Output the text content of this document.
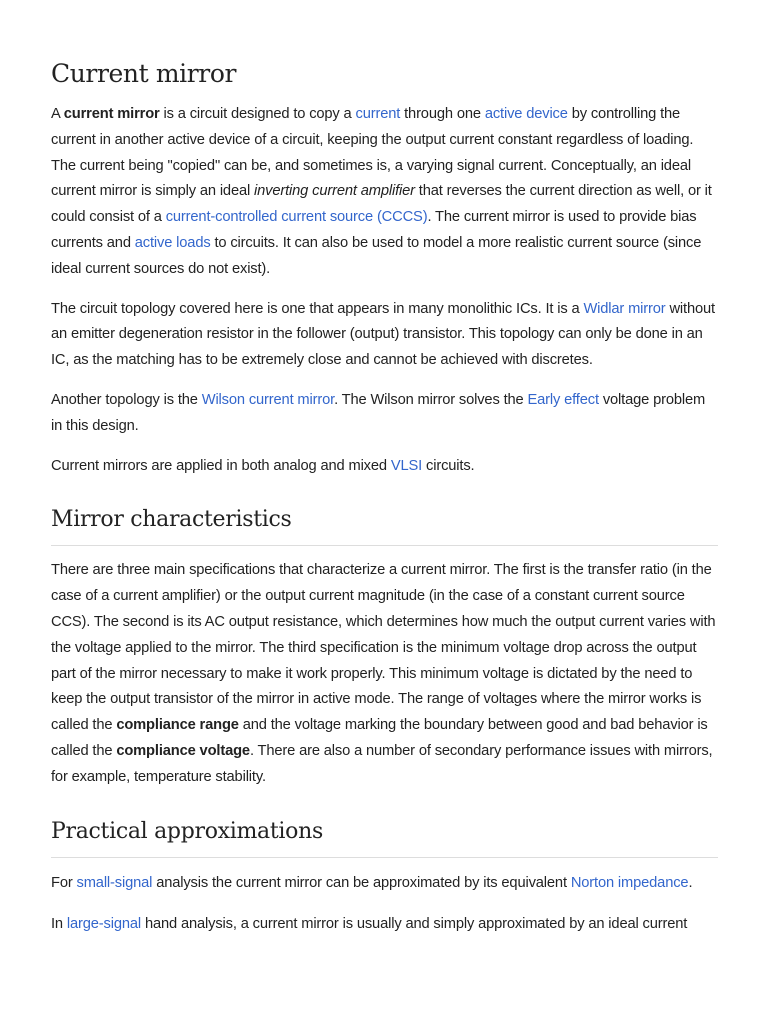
Current mirror

A current mirror is a circuit designed to copy a current through one active device by controlling the current in another active device of a circuit, keeping the output current constant regardless of loading. The current being "copied" can be, and sometimes is, a varying signal current. Conceptually, an ideal current mirror is simply an ideal inverting current amplifier that reverses the current direction as well, or it could consist of a current-controlled current source (CCCS). The current mirror is used to provide bias currents and active loads to circuits. It can also be used to model a more realistic current source (since ideal current sources do not exist).

The circuit topology covered here is one that appears in many monolithic ICs. It is a Widlar mirror without an emitter degeneration resistor in the follower (output) transistor. This topology can only be done in an IC, as the matching has to be extremely close and cannot be achieved with discretes.

Another topology is the Wilson current mirror. The Wilson mirror solves the Early effect voltage problem in this design.

Current mirrors are applied in both analog and mixed VLSI circuits.

Mirror characteristics

There are three main specifications that characterize a current mirror. The first is the transfer ratio (in the case of a current amplifier) or the output current magnitude (in the case of a constant current source CCS). The second is its AC output resistance, which determines how much the output current varies with the voltage applied to the mirror. The third specification is the minimum voltage drop across the output part of the mirror necessary to make it work properly. This minimum voltage is dictated by the need to keep the output transistor of the mirror in active mode. The range of voltages where the mirror works is called the compliance range and the voltage marking the boundary between good and bad behavior is called the compliance voltage. There are also a number of secondary performance issues with mirrors, for example, temperature stability.

Practical approximations

For small-signal analysis the current mirror can be approximated by its equivalent Norton impedance.

In large-signal hand analysis, a current mirror is usually and simply approximated by an ideal current
